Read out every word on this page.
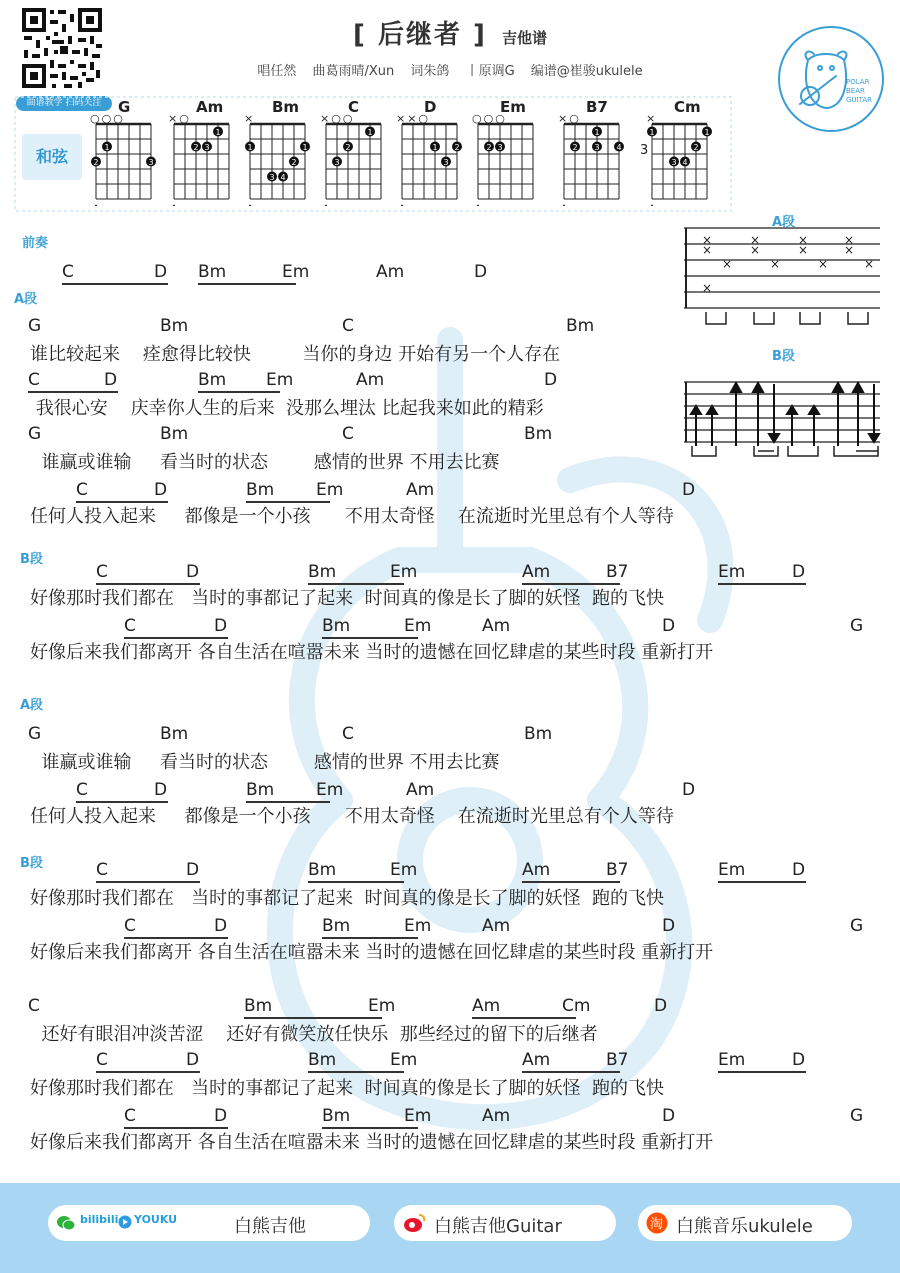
曲谱教学 扫码关注
[ 后继者 ] 吉他谱
唱任然 曲葛雨晴/Xun 词朱鸽 丨原调G 编谱@崔骏ukulele
POLAR
BEAR
GUITAR
和弦
G
1
2	3
○○○
Am
1
2 3
×○
Bm
1	1
2
3 4
×
C
1
2
3
×○○
D
1 2
3
××○
Em
2 3
○○○
B7
1
2 3 4
×○
Cm
1	1
2
3 4
×
3
×
×
×
×
×
×
×
×
×
×
×
×
×
A段
B段
前奏
A段
B段
A段
B段
C	D Bm	Em	Am	D
G	Bm	C	Bm
谁比较起来    痊愈得比较快         当你的身边 开始有另一个人存在
C	D	Bm Em	Am	D
我很心安    庆幸你人生的后来  没那么埋汰 比起我来如此的精彩
G	Bm	C	Bm
谁赢或谁输     看当时的状态        感情的世界 不用去比赛
C	D	Bm Em	Am	D
任何人投入起来     都像是一个小孩      不用太奇怪    在流逝时光里总有个人等待
C	D	Bm	Em	Am	B7	Em	D
好像那时我们都在   当时的事都记了起来  时间真的像是长了脚的妖怪  跑的飞快
C	D	Bm	Em	Am	D	G
好像后来我们都离开 各自生活在喧嚣未来 当时的遗憾在回忆肆虐的某些时段 重新打开
G	Bm	C	Bm
谁赢或谁输     看当时的状态        感情的世界 不用去比赛
C	D	Bm Em	Am	D
任何人投入起来     都像是一个小孩      不用太奇怪    在流逝时光里总有个人等待
C	D	Bm	Em	Am	B7	Em	D
好像那时我们都在   当时的事都记了起来  时间真的像是长了脚的妖怪  跑的飞快
C	D	Bm	Em	Am	D	G
好像后来我们都离开 各自生活在喧嚣未来 当时的遗憾在回忆肆虐的某些时段 重新打开
C	Bm	Em	Am	Cm	D
还好有眼泪冲淡苦涩    还好有微笑放任快乐  那些经过的留下的后继者
C	D	Bm	Em	Am	B7	Em	D
好像那时我们都在   当时的事都记了起来  时间真的像是长了脚的妖怪  跑的飞快
C	D	Bm	Em	Am	D	G
好像后来我们都离开 各自生活在喧嚣未来 当时的遗憾在回忆肆虐的某些时段 重新打开
bilibili YOUKU	白熊吉他	白熊吉他Guitar	淘 白熊音乐ukulele
